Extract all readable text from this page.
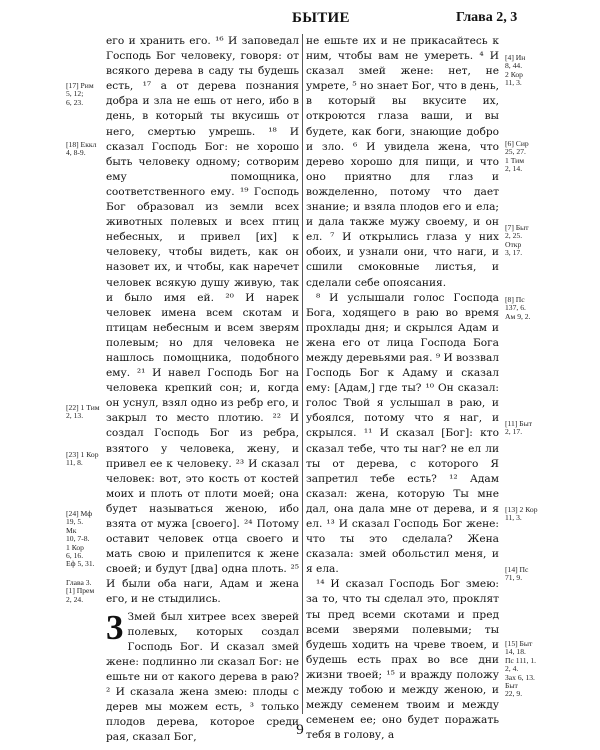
БЫТИЕ	Глава 2, 3
[17] Рим
5, 12;
6, 23.
[18] Еккл
4, 8-9.
[22] 1 Тим
2, 13.
[23] 1 Кор
11, 8.
[24] Мф
19, 5.
Мк
10, 7-8.
1 Кор
6, 16.
Еф 5, 31.
Глава 3.
[1] Прем
2, 24.
[4] Ин
8, 44.
2 Кор
11, 3.
[6] Сир
25, 27.
1 Тим
2, 14.
[7] Быт
2, 25.
Откр
3, 17.
[8] Пс
137, 6.
Ам 9, 2.
[11] Быт
2, 17.
[13] 2 Кор
11, 3.
[14] Пс
71, 9.
[15] Быт
14, 18.
Пс 111, 1.
2, 4.
Зах 6, 13.
Быт
22, 9.
его и хранить его. ¹⁶ И заповедал Господь Бог человеку, говоря: от всякого дерева в саду ты будешь есть, ¹⁷ а от дерева познания добра и зла не ешь от него, ибо в день, в который ты вкусишь от него, смертью умрешь. ¹⁸ И сказал Господь Бог: не хорошо быть человеку одному; сотворим ему помощника, соответственного ему. ¹⁹ Господь Бог образовал из земли всех животных полевых и всех птиц небесных, и привел [их] к человеку, чтобы видеть, как он назовет их, и чтобы, как наречет человек всякую душу живую, так и было имя ей. ²⁰ И нарек человек имена всем скотам и птицам небесным и всем зверям полевым; но для человека не нашлось помощника, подобного ему. ²¹ И навел Господь Бог на человека крепкий сон; и, когда он уснул, взял одно из ребр его, и закрыл то место плотию. ²² И создал Господь Бог из ребра, взятого у человека, жену, и привел ее к человеку. ²³ И сказал человек: вот, это кость от костей моих и плоть от плоти моей; она будет называться женою, ибо взята от мужа [своего]. ²⁴ Потому оставит человек отца своего и мать свою и прилепится к жене своей; и будут [два] одна плоть. ²⁵ И были оба наги, Адам и жена его, и не стыдились.
3 Змей был хитрее всех зверей полевых, которых создал Господь Бог. И сказал змей жене: подлинно ли сказал Бог: не ешьте ни от какого дерева в раю? ² И сказала жена змею: плоды с дерев мы можем есть, ³ только плодов дерева, которое среди рая, сказал Бог,
не ешьте их и не прикасайтесь к ним, чтобы вам не умереть. ⁴ И сказал змей жене: нет, не умрете, ⁵ но знает Бог, что в день, в который вы вкусите их, откроются глаза ваши, и вы будете, как боги, знающие добро и зло. ⁶ И увидела жена, что дерево хорошо для пищи, и что оно приятно для глаз и вожделенно, потому что дает знание; и взяла плодов его и ела; и дала также мужу своему, и он ел. ⁷ И открылись глаза у них обоих, и узнали они, что наги, и сшили смоковные листья, и сделали себе опоясания.
⁸ И услышали голос Господа Бога, ходящего в раю во время прохлады дня; и скрылся Адам и жена его от лица Господа Бога между деревьями рая. ⁹ И воззвал Господь Бог к Адаму и сказал ему: [Адам,] где ты? ¹⁰ Он сказал: голос Твой я услышал в раю, и убоялся, потому что я наг, и скрылся. ¹¹ И сказал [Бог]: кто сказал тебе, что ты наг? не ел ли ты от дерева, с которого Я запретил тебе есть? ¹² Адам сказал: жена, которую Ты мне дал, она дала мне от дерева, и я ел. ¹³ И сказал Господь Бог жене: что ты это сделала? Жена сказала: змей обольстил меня, и я ела.
¹⁴ И сказал Господь Бог змею: за то, что ты сделал это, проклят ты пред всеми скотами и пред всеми зверями полевыми; ты будешь ходить на чреве твоем, и будешь есть прах во все дни жизни твоей; ¹⁵ и вражду положу между тобою и между женою, и между семенем твоим и между семенем ее; оно будет поражать тебя в голову, а
9
